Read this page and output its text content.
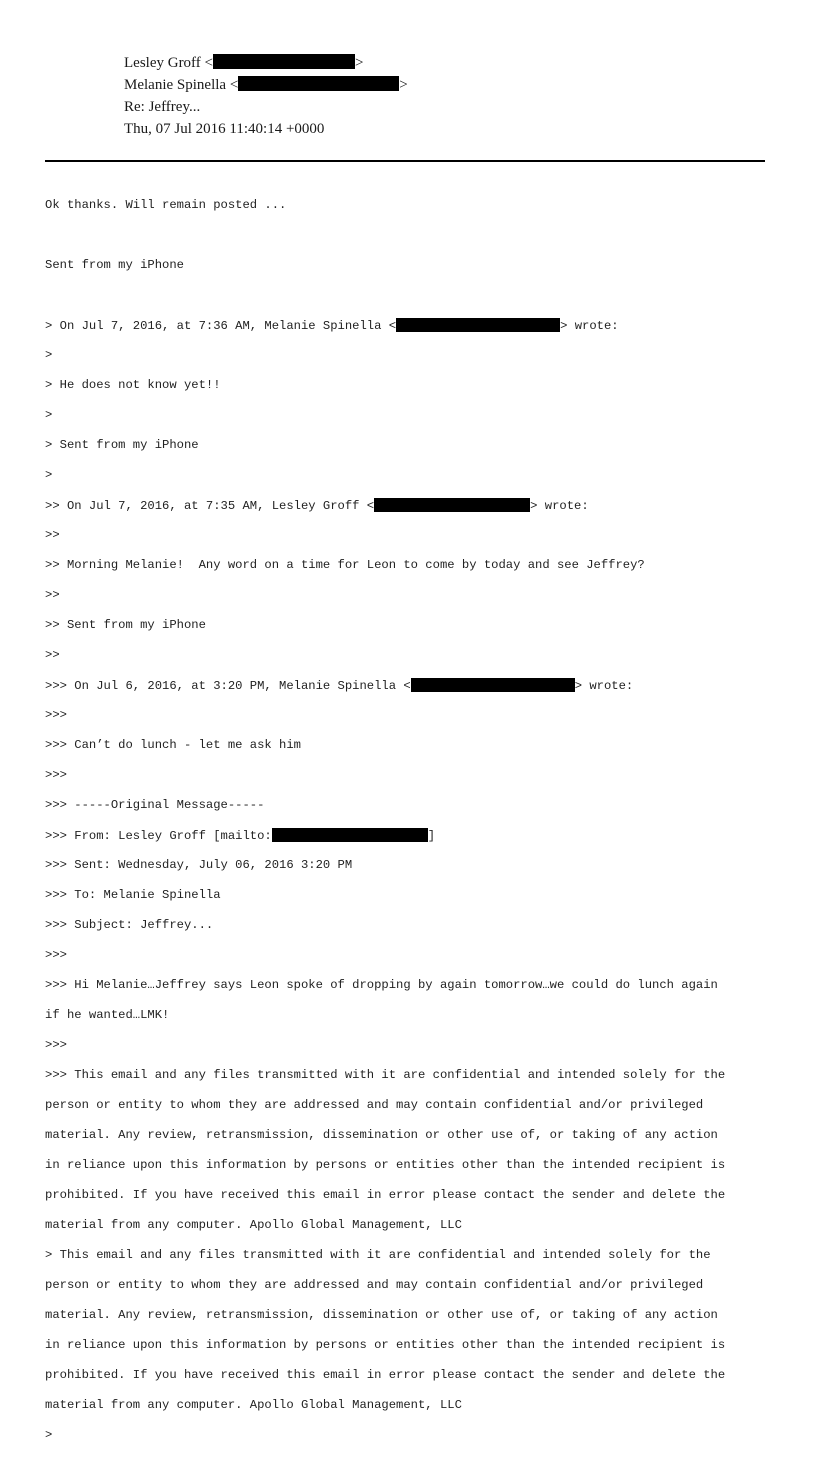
Lesley Groff <	>
Melanie Spinella <	>
Re: Jeffrey...
Thu, 07 Jul 2016 11:40:14 +0000

Ok thanks. Will remain posted ...

Sent from my iPhone

> On Jul 7, 2016, at 7:36 AM, Melanie Spinella <	> wrote:

>

> He does not know yet!!

>

> Sent from my iPhone

>

>> On Jul 7, 2016, at 7:35 AM, Lesley Groff <	> wrote:

>>

>> Morning Melanie!  Any word on a time for Leon to come by today and see Jeffrey?

>>

>> Sent from my iPhone

>>

>>> On Jul 6, 2016, at 3:20 PM, Melanie Spinella <	> wrote:

>>>

>>> Can’t do lunch - let me ask him

>>>

>>> -----Original Message-----

>>> From: Lesley Groff [mailto:	]

>>> Sent: Wednesday, July 06, 2016 3:20 PM

>>> To: Melanie Spinella

>>> Subject: Jeffrey...

>>>

>>> Hi Melanie…Jeffrey says Leon spoke of dropping by again tomorrow…we could do lunch again

if he wanted…LMK!

>>>

>>> This email and any files transmitted with it are confidential and intended solely for the

person or entity to whom they are addressed and may contain confidential and/or privileged

material. Any review, retransmission, dissemination or other use of, or taking of any action

in reliance upon this information by persons or entities other than the intended recipient is

prohibited. If you have received this email in error please contact the sender and delete the

material from any computer. Apollo Global Management, LLC

> This email and any files transmitted with it are confidential and intended solely for the

person or entity to whom they are addressed and may contain confidential and/or privileged

material. Any review, retransmission, dissemination or other use of, or taking of any action

in reliance upon this information by persons or entities other than the intended recipient is

prohibited. If you have received this email in error please contact the sender and delete the

material from any computer. Apollo Global Management, LLC

>
